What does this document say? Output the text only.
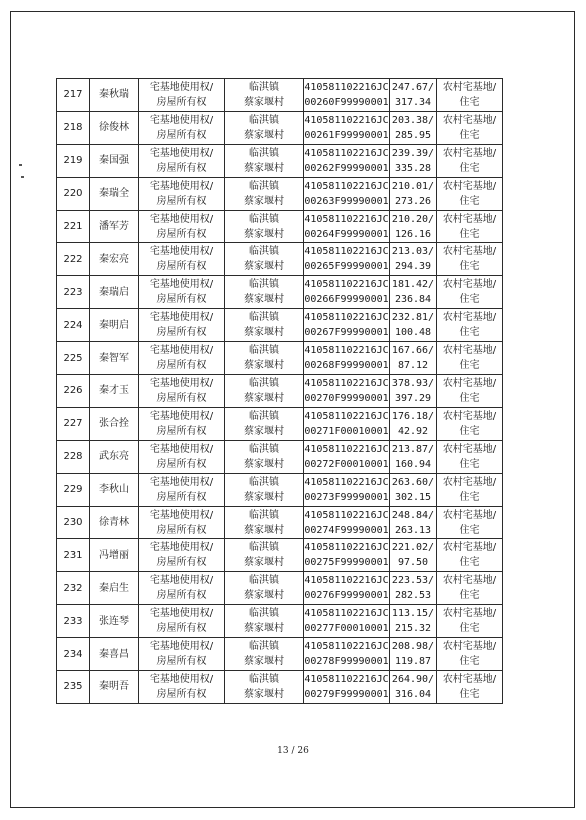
217	秦秋瑞	宅基地使用权/
房屋所有权	临淇镇
蔡家堰村	410581102216JC
00260F99990001	247.67/
317.34	农村宅基地/
住宅

218	徐俊林	宅基地使用权/
房屋所有权	临淇镇
蔡家堰村	410581102216JC
00261F99990001	203.38/
285.95	农村宅基地/
住宅

219	秦国强	宅基地使用权/
房屋所有权	临淇镇
蔡家堰村	410581102216JC
00262F99990001	239.39/
335.28	农村宅基地/
住宅

220	秦瑞全	宅基地使用权/
房屋所有权	临淇镇
蔡家堰村	410581102216JC
00263F99990001	210.01/
273.26	农村宅基地/
住宅

221	潘军芳	宅基地使用权/
房屋所有权	临淇镇
蔡家堰村	410581102216JC
00264F99990001	210.20/
126.16	农村宅基地/
住宅

222	秦宏亮	宅基地使用权/
房屋所有权	临淇镇
蔡家堰村	410581102216JC
00265F99990001	213.03/
294.39	农村宅基地/
住宅

223	秦瑞启	宅基地使用权/
房屋所有权	临淇镇
蔡家堰村	410581102216JC
00266F99990001	181.42/
236.84	农村宅基地/
住宅

224	秦明启	宅基地使用权/
房屋所有权	临淇镇
蔡家堰村	410581102216JC
00267F99990001	232.81/
100.48	农村宅基地/
住宅

225	秦智军	宅基地使用权/
房屋所有权	临淇镇
蔡家堰村	410581102216JC
00268F99990001	167.66/
87.12	农村宅基地/
住宅

226	秦才玉	宅基地使用权/
房屋所有权	临淇镇
蔡家堰村	410581102216JC
00270F99990001	378.93/
397.29	农村宅基地/
住宅

227	张合拴	宅基地使用权/
房屋所有权	临淇镇
蔡家堰村	410581102216JC
00271F00010001	176.18/
42.92	农村宅基地/
住宅

228	武东亮	宅基地使用权/
房屋所有权	临淇镇
蔡家堰村	410581102216JC
00272F00010001	213.87/
160.94	农村宅基地/
住宅

229	李秋山	宅基地使用权/
房屋所有权	临淇镇
蔡家堰村	410581102216JC
00273F99990001	263.60/
302.15	农村宅基地/
住宅

230	徐青林	宅基地使用权/
房屋所有权	临淇镇
蔡家堰村	410581102216JC
00274F99990001	248.84/
263.13	农村宅基地/
住宅

231	冯增丽	宅基地使用权/
房屋所有权	临淇镇
蔡家堰村	410581102216JC
00275F99990001	221.02/
97.50	农村宅基地/
住宅

232	秦启生	宅基地使用权/
房屋所有权	临淇镇
蔡家堰村	410581102216JC
00276F99990001	223.53/
282.53	农村宅基地/
住宅

233	张连琴	宅基地使用权/
房屋所有权	临淇镇
蔡家堰村	410581102216JC
00277F00010001	113.15/
215.32	农村宅基地/
住宅

234	秦喜昌	宅基地使用权/
房屋所有权	临淇镇
蔡家堰村	410581102216JC
00278F99990001	208.98/
119.87	农村宅基地/
住宅

235	秦明吾	宅基地使用权/
房屋所有权	临淇镇
蔡家堰村	410581102216JC
00279F99990001	264.90/
316.04	农村宅基地/
住宅
13 / 26
